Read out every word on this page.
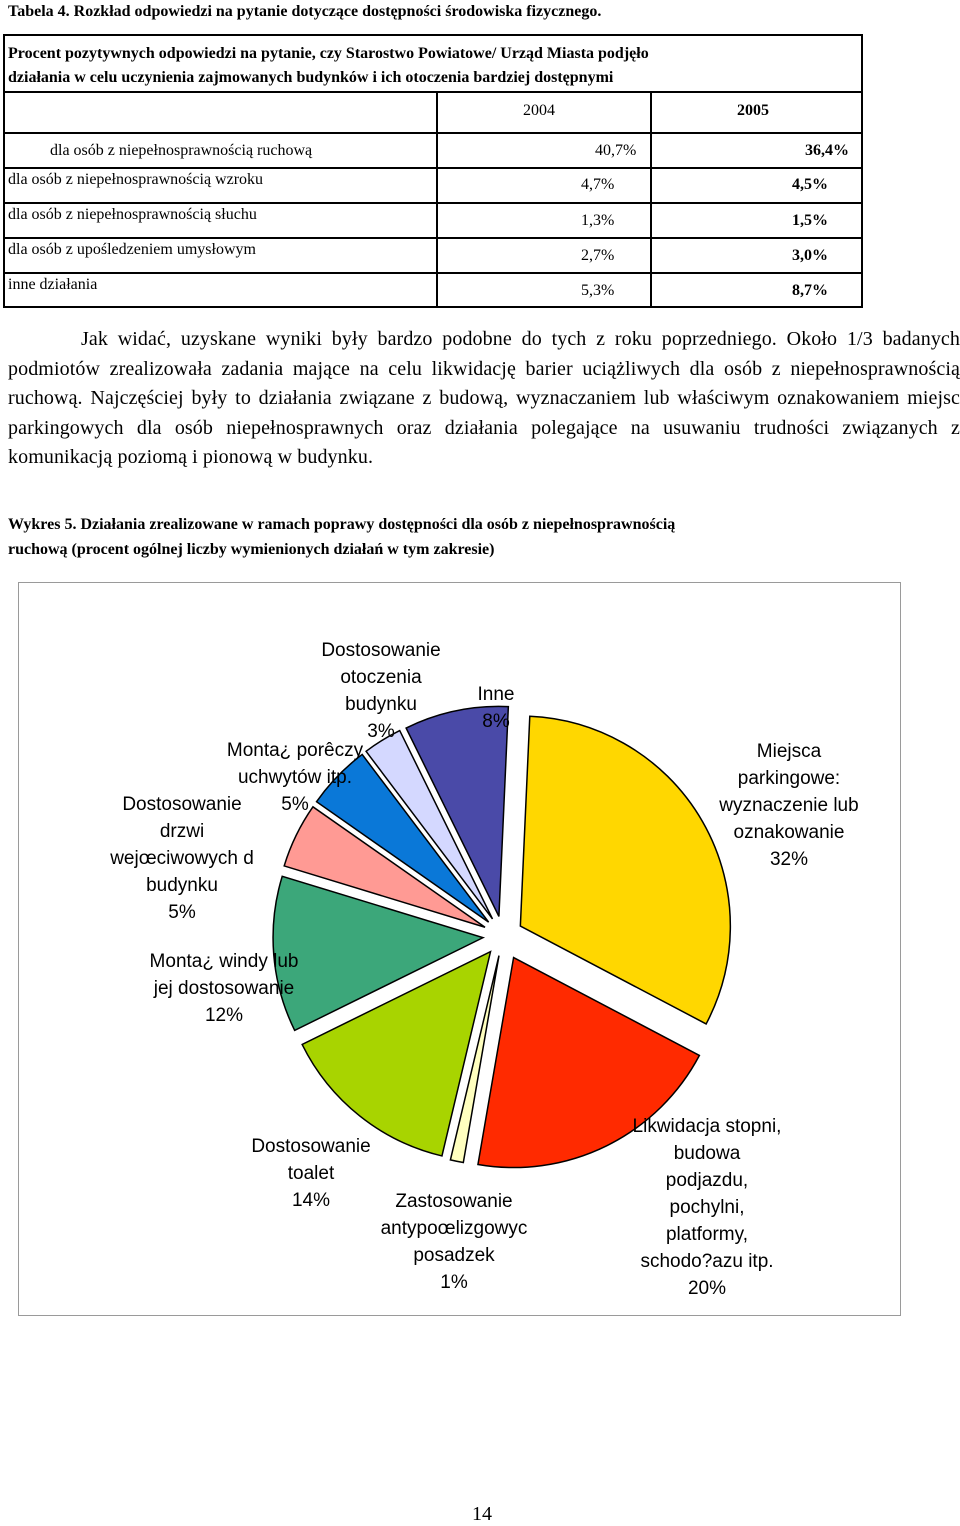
Tabela 4. Rozkład odpowiedzi na pytanie dotyczące dostępności środowiska fizycznego.
Procent pozytywnych odpowiedzi na pytanie, czy Starostwo Powiatowe/ Urząd Miasta podjęło
działania w celu uczynienia zajmowanych budynków i ich otoczenia bardziej dostępnymi
2004	2005
dla osób z niepełnosprawnością ruchową	40,7%	36,4%
dla osób z niepełnosprawnością wzroku	4,7%	4,5%
dla osób z niepełnosprawnością słuchu	1,3%	1,5%
dla osób z upośledzeniem umysłowym	2,7%	3,0%
inne działania	5,3%	8,7%
Jak widać, uzyskane wyniki były bardzo podobne do tych z roku poprzedniego. Około 1/3 badanych podmiotów zrealizowała zadania mające na celu likwidację barier uciążliwych dla osób z niepełnosprawnością ruchową. Najczęściej były to działania związane z budową, wyznaczaniem lub właściwym oznakowaniem miejsc parkingowych dla osób niepełnosprawnych oraz działania polegające na usuwaniu trudności związanych z komunikacją poziomą i pionową w budynku.
Wykres 5. Działania zrealizowane w ramach poprawy dostępności dla osób z niepełnosprawnością
ruchową (procent ogólnej liczby wymienionych działań w tym zakresie)
Miejsca
parkingowe:
wyznaczenie lub
oznakowanie
32%
Likwidacja stopni,
budowa
podjazdu,
pochylni,
platformy,
schodo?azu itp.
20%
Zastosowanie
antypoœlizgowyc
posadzek
1%
Dostosowanie
toalet
14%
Monta¿ windy lub
jej dostosowanie
12%
Dostosowanie
drzwi
wejœciwowych d
budynku
5%
Monta¿ porêczy
uchwytów itp.
5%
Dostosowanie
otoczenia
budynku
3%
Inne
8%
14
